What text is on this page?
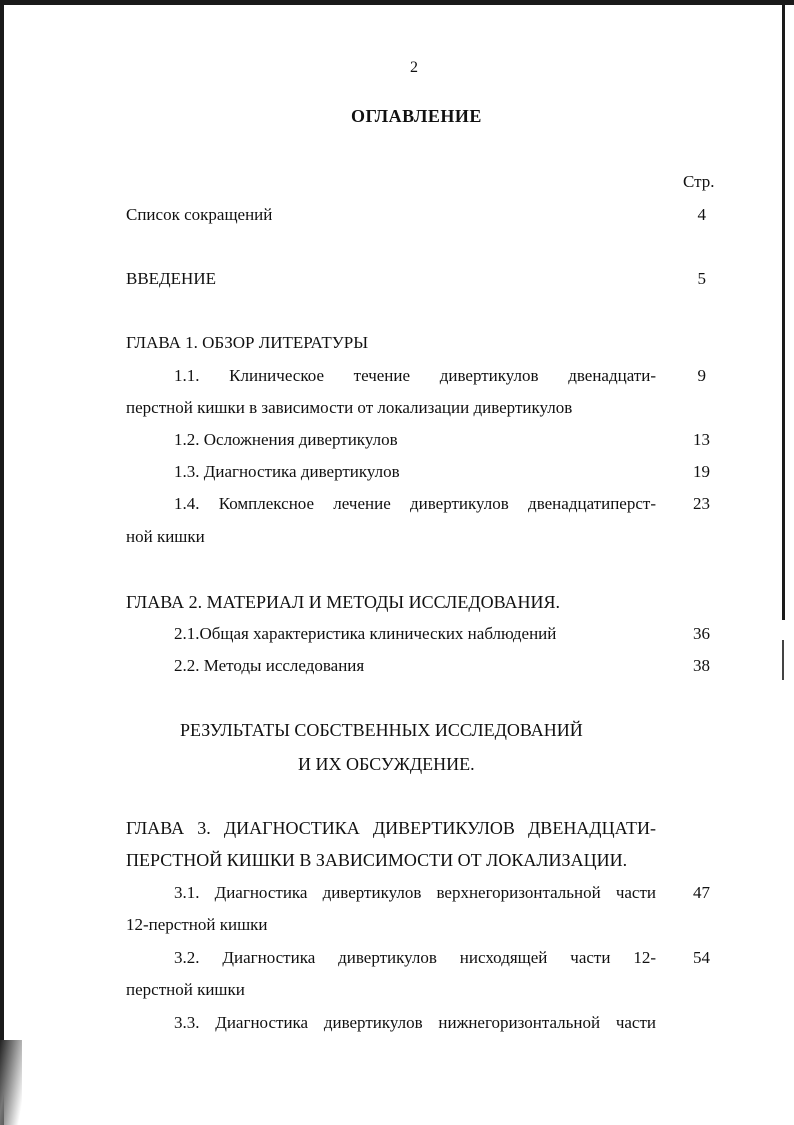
2
ОГЛАВЛЕНИЕ
Стр.
Список сокращений	4
ВВЕДЕНИЕ	5
ГЛАВА 1. ОБЗОР ЛИТЕРАТУРЫ
1.1. Клиническое течение дивертикулов двенадцати-	9
перстной кишки в зависимости от локализации дивертикулов
1.2. Осложнения дивертикулов	13
1.3. Диагностика дивертикулов	19
1.4. Комплексное лечение дивертикулов двенадцатиперст-	23
ной кишки
ГЛАВА 2. МАТЕРИАЛ И МЕТОДЫ ИССЛЕДОВАНИЯ.
2.1.Общая характеристика клинических наблюдений	36
2.2. Методы исследования	38
РЕЗУЛЬТАТЫ СОБСТВЕННЫХ ИССЛЕДОВАНИЙ
И ИХ ОБСУЖДЕНИЕ.
ГЛАВА 3. ДИАГНОСТИКА ДИВЕРТИКУЛОВ ДВЕНАДЦАТИ-
ПЕРСТНОЙ КИШКИ В ЗАВИСИМОСТИ ОТ ЛОКАЛИЗАЦИИ.
3.1. Диагностика дивертикулов верхнегоризонтальной части	47
12-перстной кишки
3.2. Диагностика дивертикулов нисходящей части 12-	54
перстной кишки
3.3. Диагностика дивертикулов нижнегоризонтальной части
